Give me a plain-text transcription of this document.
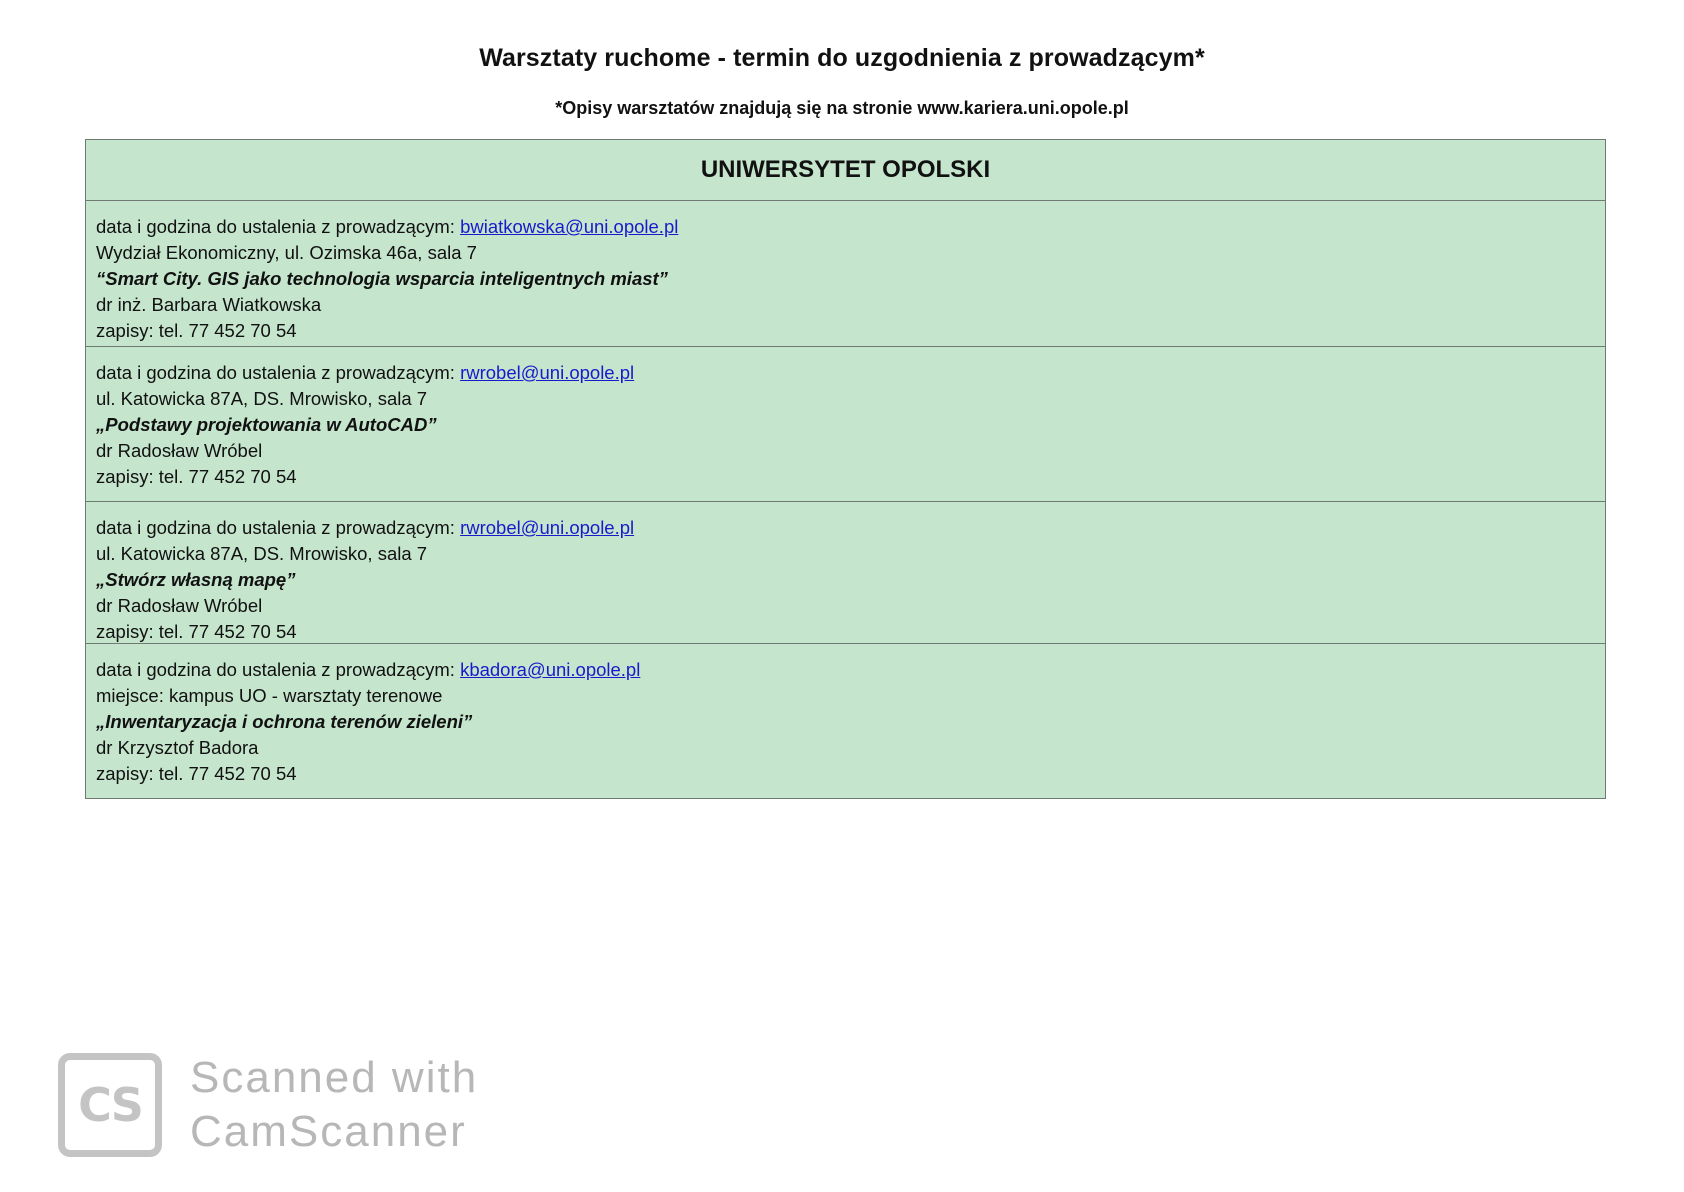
Warsztaty ruchome - termin do uzgodnienia z prowadzącym*
*Opisy warsztatów znajdują się na stronie www.kariera.uni.opole.pl
UNIWERSYTET OPOLSKI
data i godzina do ustalenia z prowadzącym: bwiatkowska@uni.opole.pl
Wydział Ekonomiczny, ul. Ozimska 46a, sala 7
“Smart City. GIS jako technologia wsparcia inteligentnych miast”
dr inż. Barbara Wiatkowska
zapisy: tel. 77 452 70 54
data i godzina do ustalenia z prowadzącym: rwrobel@uni.opole.pl
ul. Katowicka 87A, DS. Mrowisko, sala 7
„Podstawy projektowania w AutoCAD”
dr Radosław Wróbel
zapisy: tel. 77 452 70 54
data i godzina do ustalenia z prowadzącym: rwrobel@uni.opole.pl
ul. Katowicka 87A, DS. Mrowisko, sala 7
„Stwórz własną mapę”
dr Radosław Wróbel
zapisy: tel. 77 452 70 54
data i godzina do ustalenia z prowadzącym: kbadora@uni.opole.pl
miejsce: kampus UO - warsztaty terenowe
„Inwentaryzacja i ochrona terenów zieleni”
dr Krzysztof Badora
zapisy: tel. 77 452 70 54
CS
Scanned with
CamScanner
